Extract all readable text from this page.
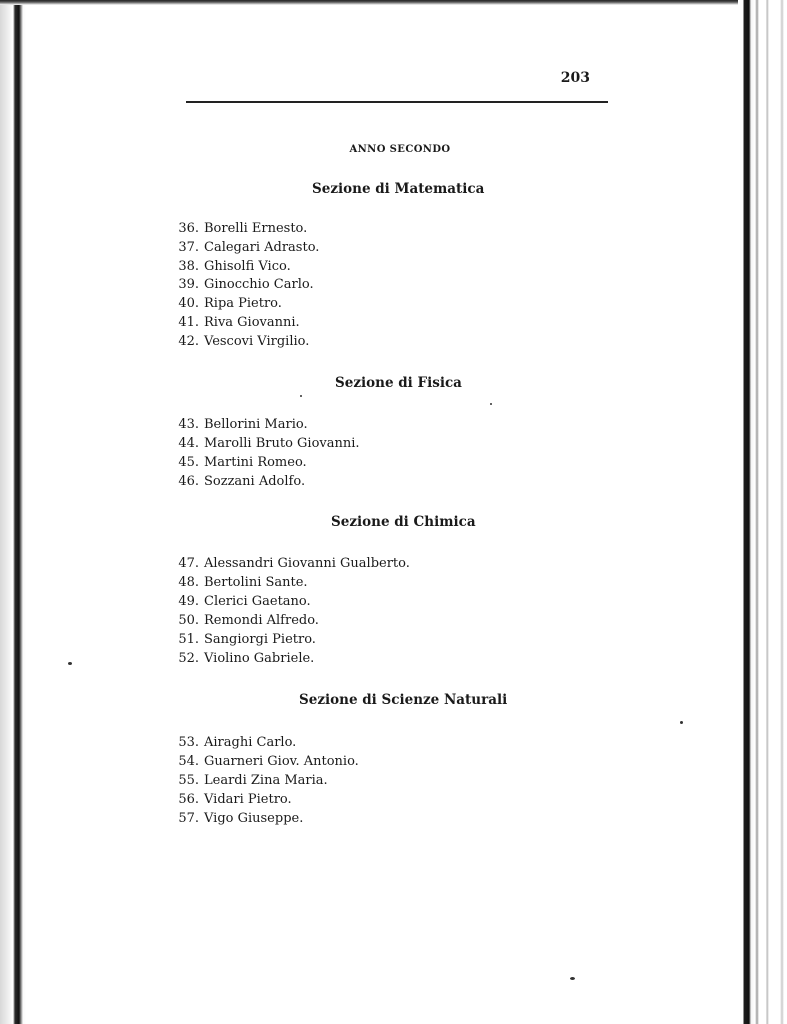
203
ANNO SECONDO
Sezione di Matematica
36. Borelli Ernesto.
37. Calegari Adrasto.
38. Ghisolfi Vico.
39. Ginocchio Carlo.
40. Ripa Pietro.
41. Riva Giovanni.
42. Vescovi Virgilio.
Sezione di Fisica
43. Bellorini Mario.
44. Marolli Bruto Giovanni.
45. Martini Romeo.
46. Sozzani Adolfo.
Sezione di Chimica
47. Alessandri Giovanni Gualberto.
48. Bertolini Sante.
49. Clerici Gaetano.
50. Remondi Alfredo.
51. Sangiorgi Pietro.
52. Violino Gabriele.
Sezione di Scienze Naturali
53. Airaghi Carlo.
54. Guarneri Giov. Antonio.
55. Leardi Zina Maria.
56. Vidari Pietro.
57. Vigo Giuseppe.
